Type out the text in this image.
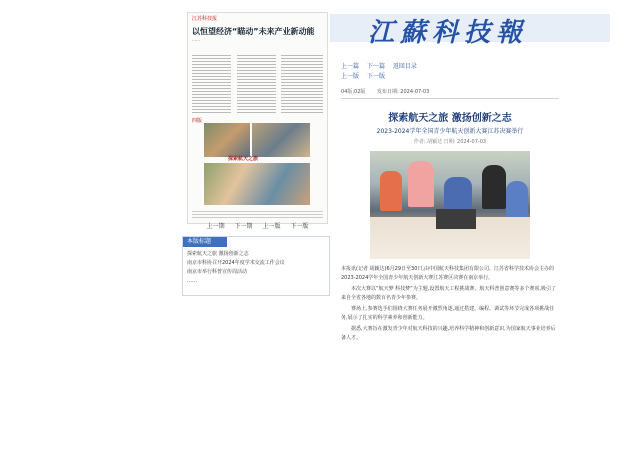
江蘇科技報
江苏科技报
以恒望经济“瞄动”未来产业新动能
……
四版
探索航天之旅
上一期 下一期 上一版 下一版
本版标题
探索航天之旅 激扬创新之志
南京市科协召开2024年度学术交流工作会议
南京市举行科普宣传周活动
……
上一篇 下一篇 返回目录
上一版 下一版
04版:02版 发布日期: 2024-07-03
探索航天之旅 激扬创新之志
2023-2024学年全国青少年航天创新大赛江苏决赛举行
作者: 胡颖达 日期: 2024-07-03
本报讯(记者 胡颖达)6月29日至30日,由中国航天科技集团有限公司、江苏省科学技术协会主办的2023-2024学年全国青少年航天创新大赛江苏赛区决赛在南京举行。
本次大赛以“航天梦 科技梦”为主题,设置航天工程挑战赛、航天科普创意赛等多个赛项,吸引了来自全省各地的数百名青少年参赛。
赛场上,参赛选手们围绕大赛任务展开激烈角逐,通过搭建、编程、调试等环节完成各项挑战任务,展示了扎实的科学素养和创新能力。
据悉,大赛旨在激发青少年对航天科技的兴趣,培养科学精神和创新意识,为国家航天事业培养后备人才。
